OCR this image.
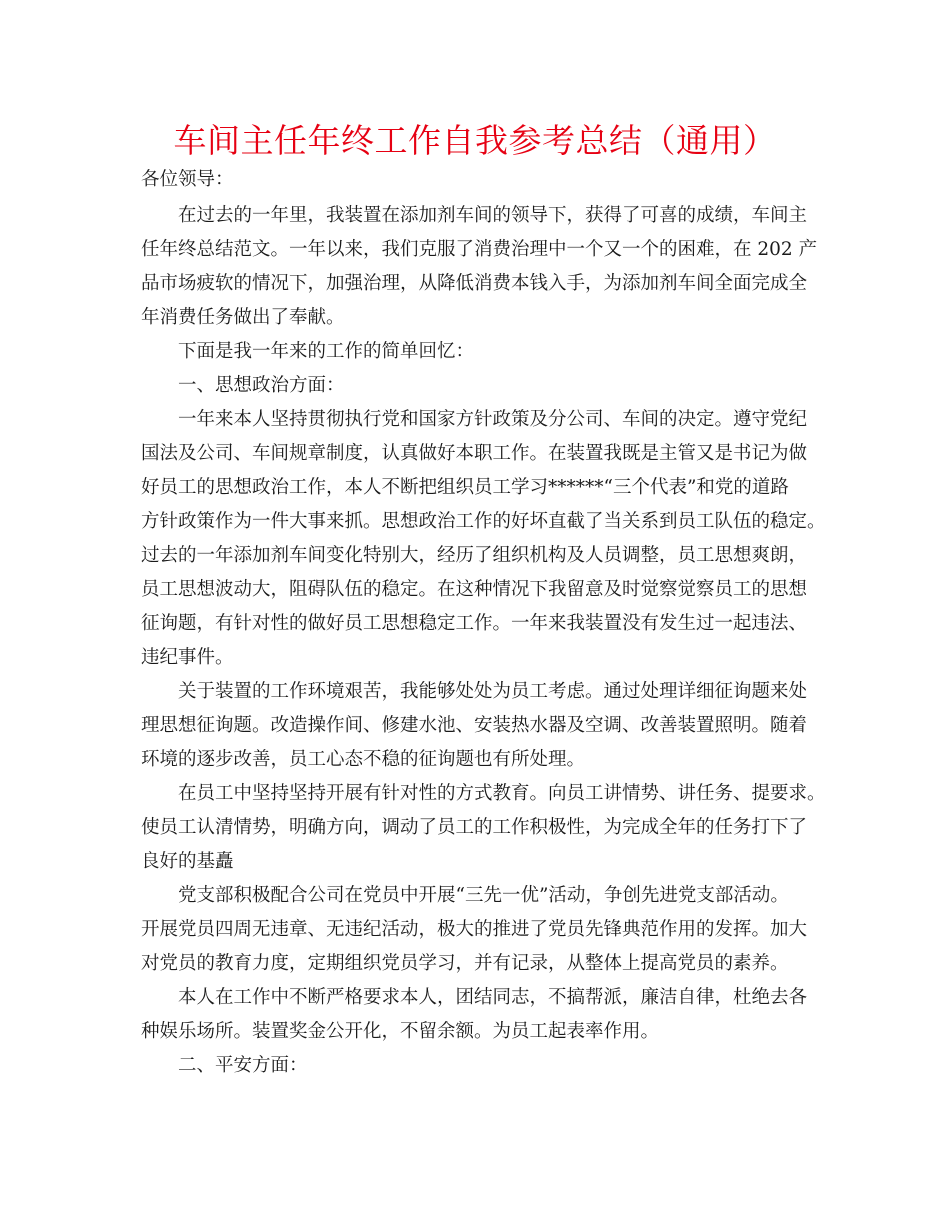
车间主任年终工作自我参考总结（通用）

各位领导：

在过去的一年里，我装置在添加剂车间的领导下，获得了可喜的成绩，车间主
任年终总结范文。一年以来，我们克服了消费治理中一个又一个的困难，在 202 产
品市场疲软的情况下，加强治理，从降低消费本钱入手，为添加剂车间全面完成全
年消费任务做出了奉献。

下面是我一年来的工作的简单回忆：

一、思想政治方面：

一年来本人坚持贯彻执行党和国家方针政策及分公司、车间的决定。遵守党纪
国法及公司、车间规章制度，认真做好本职工作。在装置我既是主管又是书记为做
好员工的思想政治工作，本人不断把组织员工学习******“三个代表”和党的道路
方针政策作为一件大事来抓。思想政治工作的好坏直截了当关系到员工队伍的稳定。
过去的一年添加剂车间变化特别大，经历了组织机构及人员调整，员工思想爽朗，
员工思想波动大，阻碍队伍的稳定。在这种情况下我留意及时觉察觉察员工的思想
征询题，有针对性的做好员工思想稳定工作。一年来我装置没有发生过一起违法、
违纪事件。

关于装置的工作环境艰苦，我能够处处为员工考虑。通过处理详细征询题来处
理思想征询题。改造操作间、修建水池、安装热水器及空调、改善装置照明。随着
环境的逐步改善，员工心态不稳的征询题也有所处理。

在员工中坚持坚持开展有针对性的方式教育。向员工讲情势、讲任务、提要求。
使员工认清情势，明确方向，调动了员工的工作积极性，为完成全年的任务打下了
良好的基矗

党支部积极配合公司在党员中开展“三先一优”活动，争创先进党支部活动。
开展党员四周无违章、无违纪活动，极大的推进了党员先锋典范作用的发挥。加大
对党员的教育力度，定期组织党员学习，并有记录，从整体上提高党员的素养。

本人在工作中不断严格要求本人，团结同志，不搞帮派，廉洁自律，杜绝去各
种娱乐场所。装置奖金公开化，不留余额。为员工起表率作用。

二、平安方面：
